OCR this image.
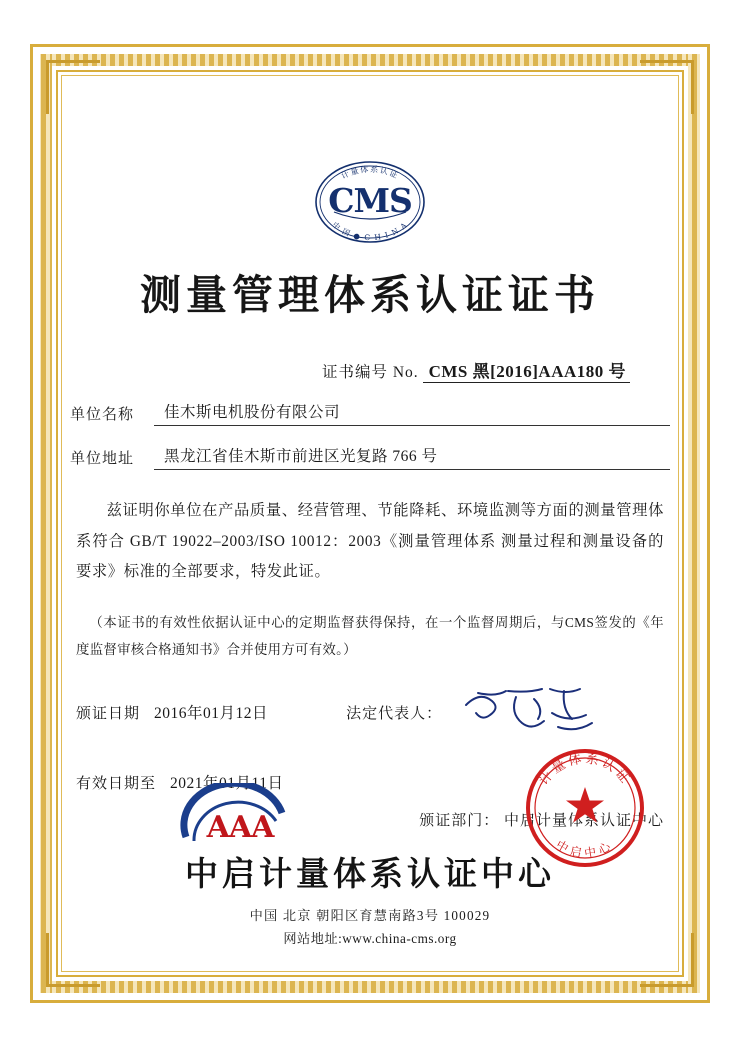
计量体系认证
中 国 ● C H I N A
CMS
测量管理体系认证证书
证书编号 No. CMS 黑[2016]AAA180 号
单位名称	佳木斯电机股份有限公司
单位地址	黑龙江省佳木斯市前进区光复路 766 号
兹证明你单位在产品质量、经营管理、节能降耗、环境监测等方面的测量管理体系符合 GB/T 19022–2003/ISO 10012：2003《测量管理体系 测量过程和测量设备的要求》标准的全部要求，特发此证。
（本证书的有效性依据认证中心的定期监督获得保持，在一个监督周期后，与CMS签发的《年度监督审核合格通知书》合并使用方可有效。）
颁证日期 2016 年 01 月 12 日	法定代表人：
有效日期至 2021 年 01 月 11 日
颁证部门： 中启计量体系认证中心
计量体系认证
中启中心
AAA
中启计量体系认证中心
中国 北京 朝阳区育慧南路3号 100029
网站地址:www.china-cms.org
